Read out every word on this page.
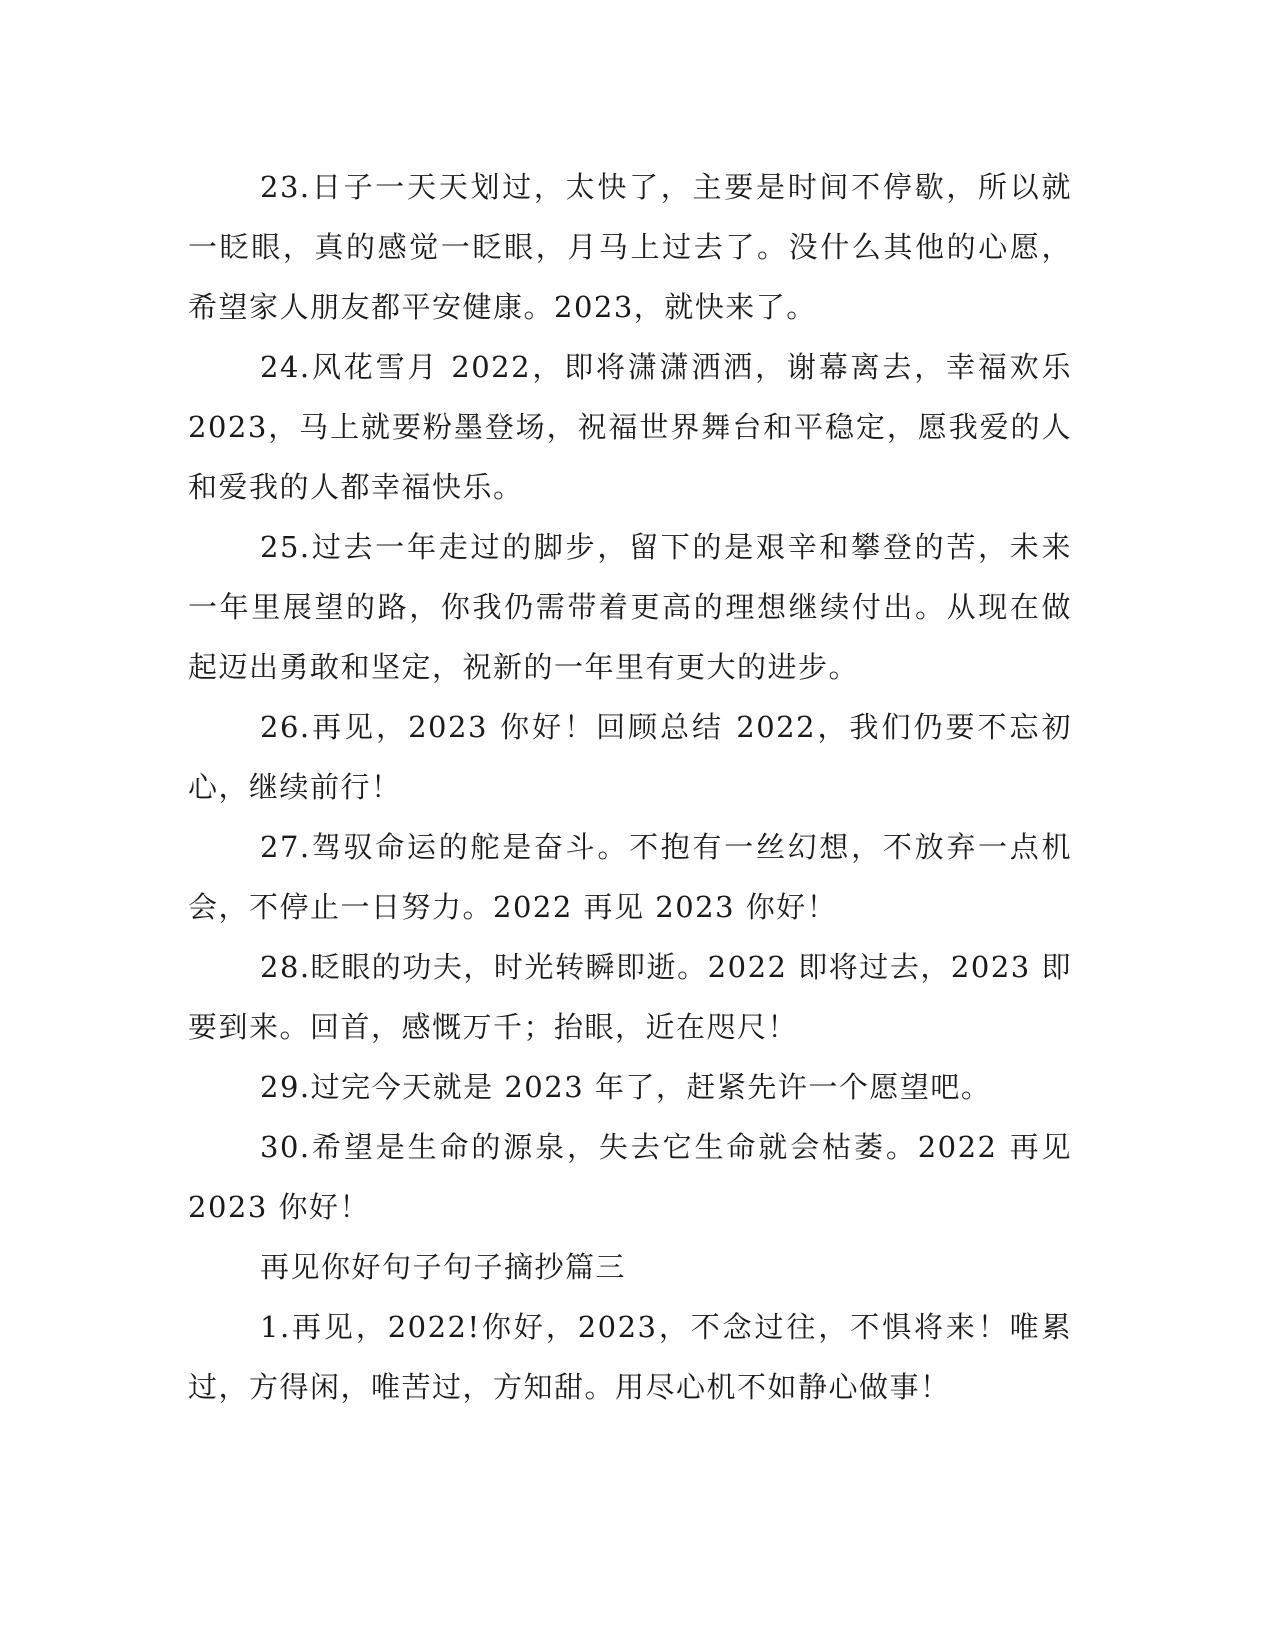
23.日子一天天划过，太快了，主要是时间不停歇，所以就一眨眼，真的感觉一眨眼，月马上过去了。没什么其他的心愿，希望家人朋友都平安健康。2023，就快来了。

24.风花雪月 2022，即将潇潇洒洒，谢幕离去，幸福欢乐 2023，马上就要粉墨登场，祝福世界舞台和平稳定，愿我爱的人和爱我的人都幸福快乐。

25.过去一年走过的脚步，留下的是艰辛和攀登的苦，未来一年里展望的路，你我仍需带着更高的理想继续付出。从现在做起迈出勇敢和坚定，祝新的一年里有更大的进步。

26.再见，2023 你好！回顾总结 2022，我们仍要不忘初心，继续前行！

27.驾驭命运的舵是奋斗。不抱有一丝幻想，不放弃一点机会，不停止一日努力。2022 再见 2023 你好！

28.眨眼的功夫，时光转瞬即逝。2022 即将过去，2023 即要到来。回首，感慨万千；抬眼，近在咫尺！

29.过完今天就是 2023 年了，赶紧先许一个愿望吧。

30.希望是生命的源泉，失去它生命就会枯萎。2022 再见 2023 你好！

再见你好句子句子摘抄篇三

1.再见，2022!你好，2023，不念过往，不惧将来！唯累过，方得闲，唯苦过，方知甜。用尽心机不如静心做事！
